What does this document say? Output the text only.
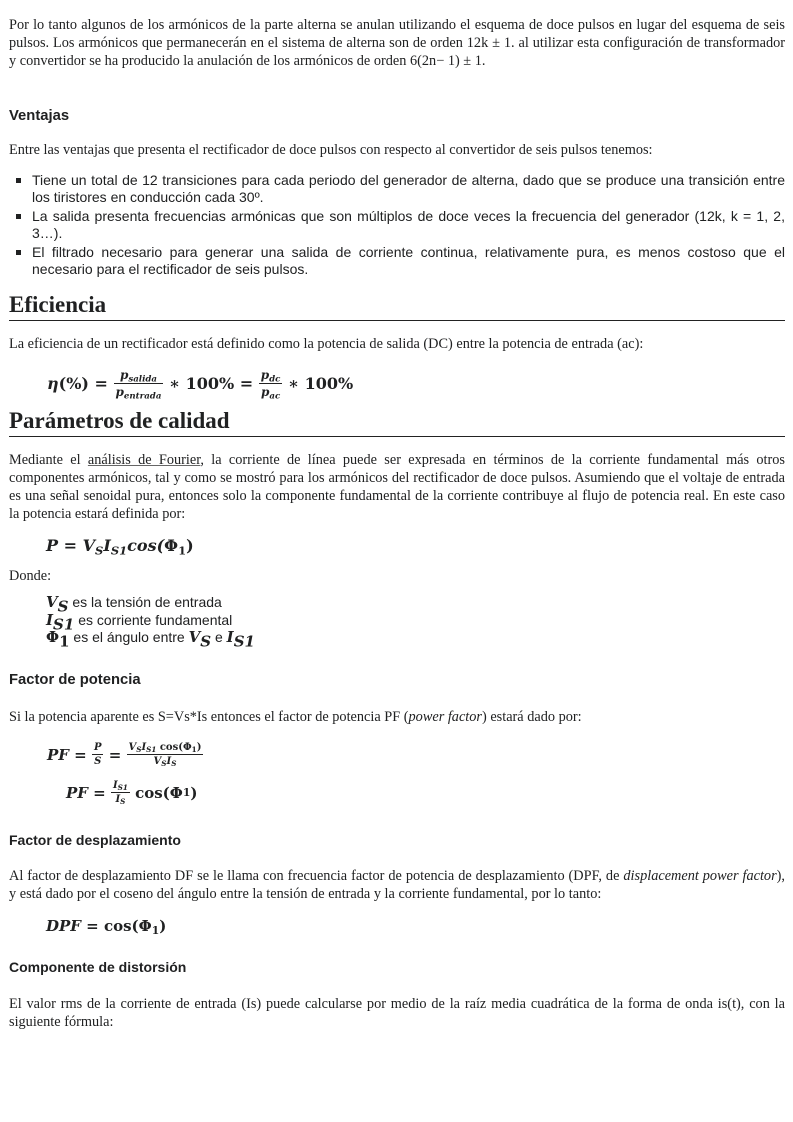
Por lo tanto algunos de los armónicos de la parte alterna se anulan utilizando el esquema de doce pulsos en lugar del esquema de seis pulsos. Los armónicos que permanecerán en el sistema de alterna son de orden 12k ± 1. al utilizar esta configuración de transformador y convertidor se ha producido la anulación de los armónicos de orden 6(2n− 1) ± 1.

Ventajas

Entre las ventajas que presenta el rectificador de doce pulsos con respecto al convertidor de seis pulsos tenemos:

Tiene un total de 12 transiciones para cada periodo del generador de alterna, dado que se produce una transición entre los tiristores en conducción cada 30º.
La salida presenta frecuencias armónicas que son múltiplos de doce veces la frecuencia del generador (12k, k = 1, 2, 3…).
El filtrado necesario para generar una salida de corriente continua, relativamente pura, es menos costoso que el necesario para el rectificador de seis pulsos.
Eficiencia

La eficiencia de un rectificador está definido como la potencia de salida (DC) entre la potencia de entrada (ac):

η (%) = $\frac{p_{salida}}{p_{entrada}}$ ∗ $100\% = \frac{p_{dc}}{p_{ac}}$ ∗ 100%
Parámetros de calidad

Mediante el análisis de Fourier, la corriente de línea puede ser expresada en términos de la corriente fundamental más otros componentes armónicos, tal y como se mostró para los armónicos del rectificador de doce pulsos. Asumiendo que el voltaje de entrada es una señal senoidal pura, entonces solo la componente fundamental de la corriente contribuye al flujo de potencia real. En este caso la potencia estará definida por:

$P = V_SI_{S1}\cos(\Phi_1)$

Donde:

$V_S$ es la tensión de entrada
$I_{S1}$ es corriente fundamental
$\Phi_1$ es el ángulo entre $V_S$ e $I_{S1}$
Factor de potencia

Si la potencia aparente es S=Vs*Is entonces el factor de potencia PF (power factor) estará dado por:

PF = $\frac{P}{S} = \frac{V_SI_{S1} \cos(\Phi_1)}{V_SI_S}$
PF = $\frac{I_{S1}}{I_S} \cos(\Phi$ 1 )
Factor de desplazamiento

Al factor de desplazamiento DF se le llama con frecuencia factor de potencia de desplazamiento (DPF, de displacement power factor), y está dado por el coseno del ángulo entre la tensión de entrada y la corriente fundamental, por lo tanto:

DPF = $\cos(\Phi_1)$
Componente de distorsión

El valor rms de la corriente de entrada (Is) puede calcularse por medio de la raíz media cuadrática de la forma de onda is(t), con la siguiente fórmula:
